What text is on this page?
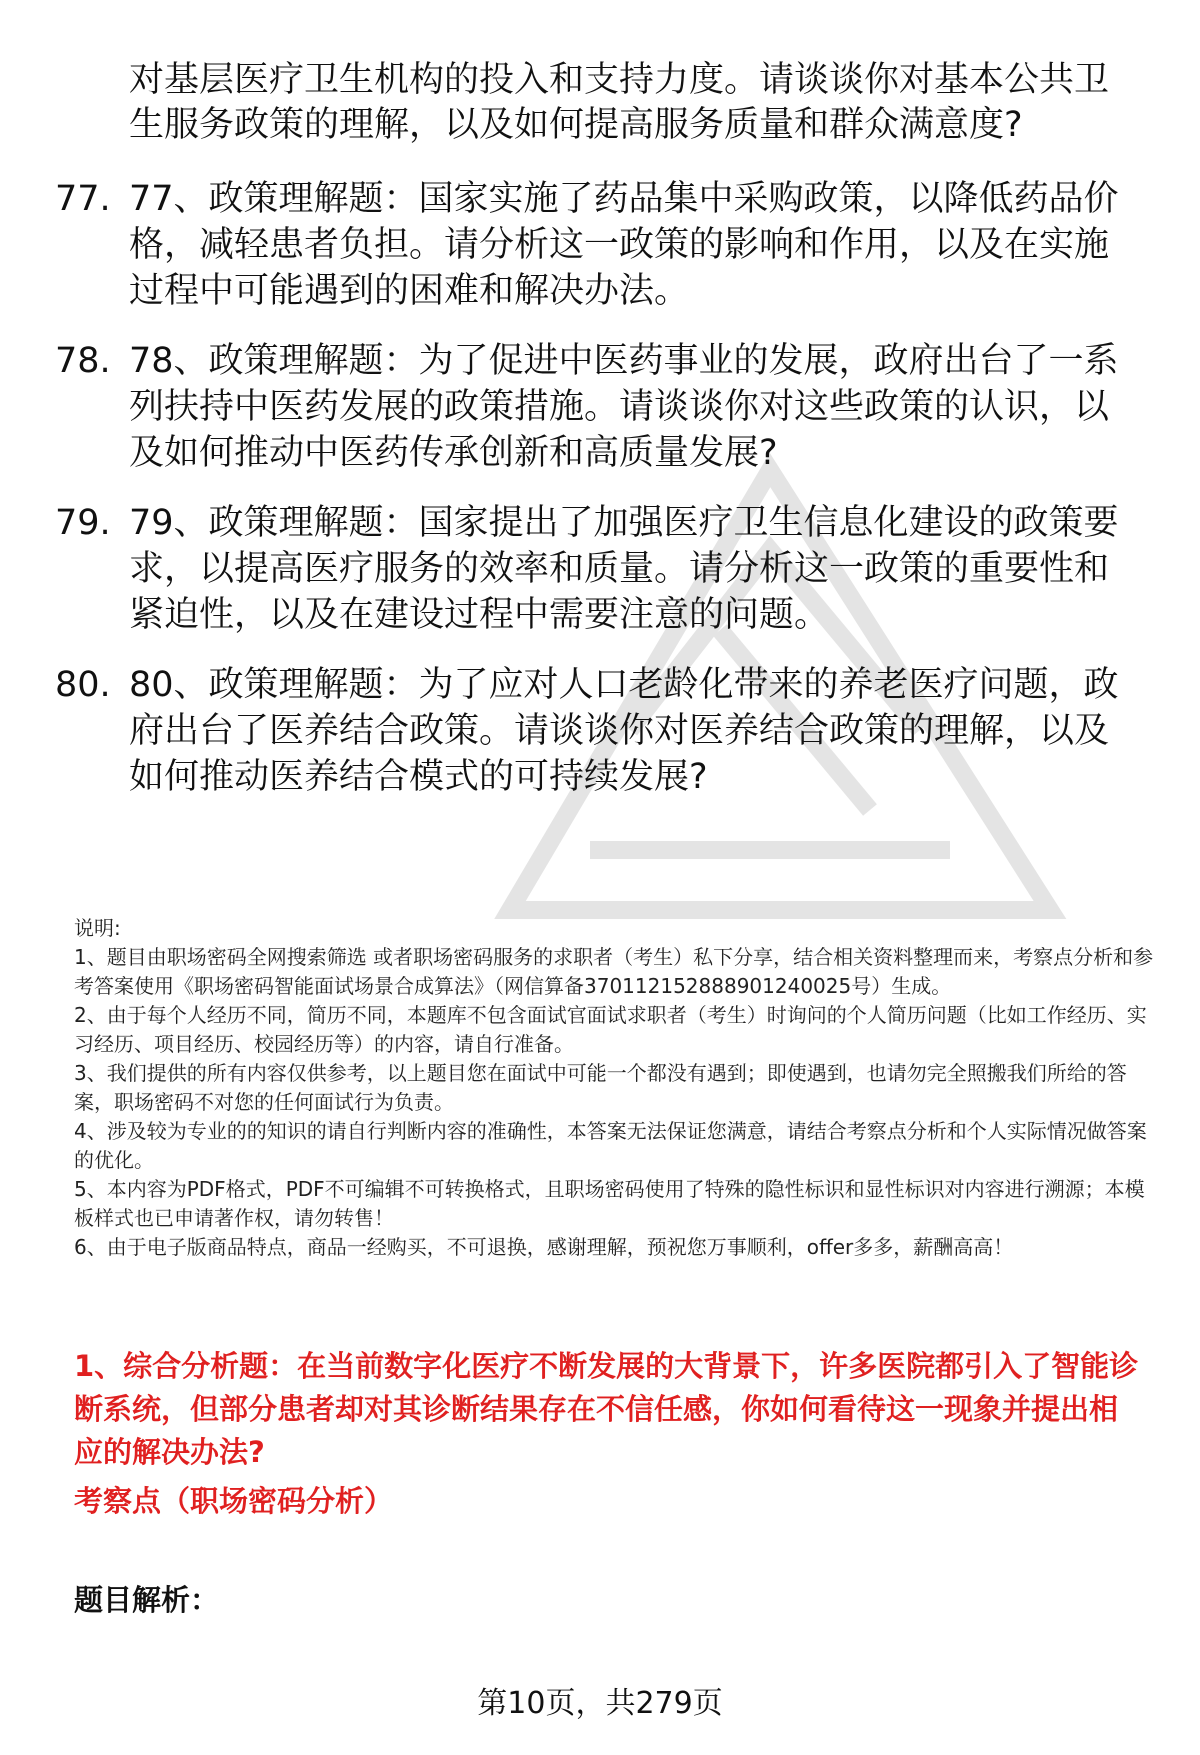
对基层医疗卫生机构的投入和支持力度。请谈谈你对基本公共卫生服务政策的理解，以及如何提高服务质量和群众满意度?
77. 77、政策理解题：国家实施了药品集中采购政策，以降低药品价格，减轻患者负担。请分析这一政策的影响和作用，以及在实施过程中可能遇到的困难和解决办法。
78. 78、政策理解题：为了促进中医药事业的发展，政府出台了一系列扶持中医药发展的政策措施。请谈谈你对这些政策的认识，以及如何推动中医药传承创新和高质量发展?
79. 79、政策理解题：国家提出了加强医疗卫生信息化建设的政策要求，以提高医疗服务的效率和质量。请分析这一政策的重要性和紧迫性，以及在建设过程中需要注意的问题。
80. 80、政策理解题：为了应对人口老龄化带来的养老医疗问题，政府出台了医养结合政策。请谈谈你对医养结合政策的理解，以及如何推动医养结合模式的可持续发展?

说明:

1、题目由职场密码全网搜索筛选 或者职场密码服务的求职者（考生）私下分享，结合相关资料整理而来，考察点分析和参考答案使用《职场密码智能面试场景合成算法》（网信算备370112152888901240025号）生成。

2、由于每个人经历不同，简历不同，本题库不包含面试官面试求职者（考生）时询问的个人简历问题（比如工作经历、实习经历、项目经历、校园经历等）的内容，请自行准备。

3、我们提供的所有内容仅供参考，以上题目您在面试中可能一个都没有遇到；即使遇到，也请勿完全照搬我们所给的答案，职场密码不对您的任何面试行为负责。

4、涉及较为专业的的知识的请自行判断内容的准确性，本答案无法保证您满意，请结合考察点分析和个人实际情况做答案的优化。

5、本内容为PDF格式，PDF不可编辑不可转换格式，且职场密码使用了特殊的隐性标识和显性标识对内容进行溯源；本模板样式也已申请著作权，请勿转售！

6、由于电子版商品特点，商品一经购买，不可退换，感谢理解，预祝您万事顺利，offer多多，薪酬高高！

1、综合分析题：在当前数字化医疗不断发展的大背景下，许多医院都引入了智能诊断系统，但部分患者却对其诊断结果存在不信任感，你如何看待这一现象并提出相应的解决办法?
考察点（职场密码分析）
题目解析：
第10页，共279页
